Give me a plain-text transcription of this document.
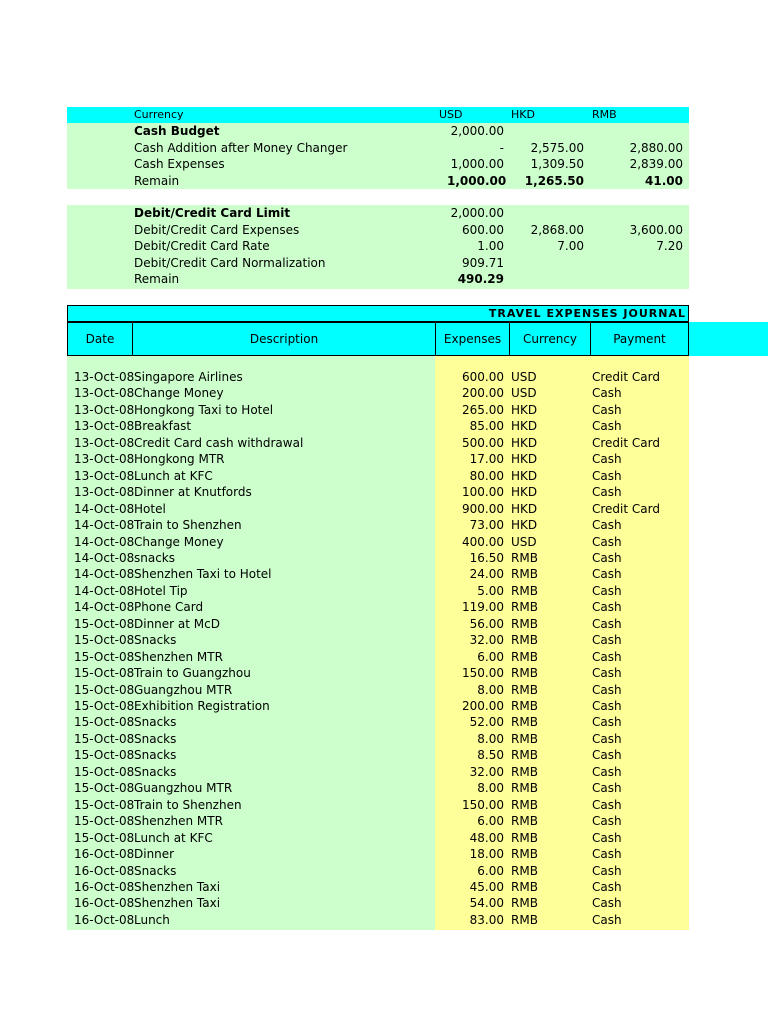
Currency	USD	HKD	RMB
Cash Budget	2,000.00
Cash Addition after Money Changer	-	2,575.00	2,880.00
Cash Expenses	1,000.00	1,309.50	2,839.00
Remain	1,000.00	1,265.50	41.00
Debit/Credit Card Limit	2,000.00
Debit/Credit Card Expenses	600.00	2,868.00	3,600.00
Debit/Credit Card Rate	1.00	7.00	7.20
Debit/Credit Card Normalization	909.71
Remain	490.29
TRAVEL EXPENSES JOURNAL
Date	Description	Expenses	Currency	Payment
13-Oct-08 Singapore Airlines	600.00 USD	Credit Card
13-Oct-08 Change Money	200.00 USD	Cash
13-Oct-08 Hongkong Taxi to Hotel	265.00 HKD	Cash
13-Oct-08 Breakfast	85.00 HKD	Cash
13-Oct-08 Credit Card cash withdrawal	500.00 HKD	Credit Card
13-Oct-08 Hongkong MTR	17.00 HKD	Cash
13-Oct-08 Lunch at KFC	80.00 HKD	Cash
13-Oct-08 Dinner at Knutfords	100.00 HKD	Cash
14-Oct-08 Hotel	900.00 HKD	Credit Card
14-Oct-08 Train to Shenzhen	73.00 HKD	Cash
14-Oct-08 Change Money	400.00 USD	Cash
14-Oct-08 snacks	16.50 RMB	Cash
14-Oct-08 Shenzhen Taxi to Hotel	24.00 RMB	Cash
14-Oct-08 Hotel Tip	5.00 RMB	Cash
14-Oct-08 Phone Card	119.00 RMB	Cash
15-Oct-08 Dinner at McD	56.00 RMB	Cash
15-Oct-08 Snacks	32.00 RMB	Cash
15-Oct-08 Shenzhen MTR	6.00 RMB	Cash
15-Oct-08 Train to Guangzhou	150.00 RMB	Cash
15-Oct-08 Guangzhou MTR	8.00 RMB	Cash
15-Oct-08 Exhibition Registration	200.00 RMB	Cash
15-Oct-08 Snacks	52.00 RMB	Cash
15-Oct-08 Snacks	8.00 RMB	Cash
15-Oct-08 Snacks	8.50 RMB	Cash
15-Oct-08 Snacks	32.00 RMB	Cash
15-Oct-08 Guangzhou MTR	8.00 RMB	Cash
15-Oct-08 Train to Shenzhen	150.00 RMB	Cash
15-Oct-08 Shenzhen MTR	6.00 RMB	Cash
15-Oct-08 Lunch at KFC	48.00 RMB	Cash
16-Oct-08 Dinner	18.00 RMB	Cash
16-Oct-08 Snacks	6.00 RMB	Cash
16-Oct-08 Shenzhen Taxi	45.00 RMB	Cash
16-Oct-08 Shenzhen Taxi	54.00 RMB	Cash
16-Oct-08 Lunch	83.00 RMB	Cash
